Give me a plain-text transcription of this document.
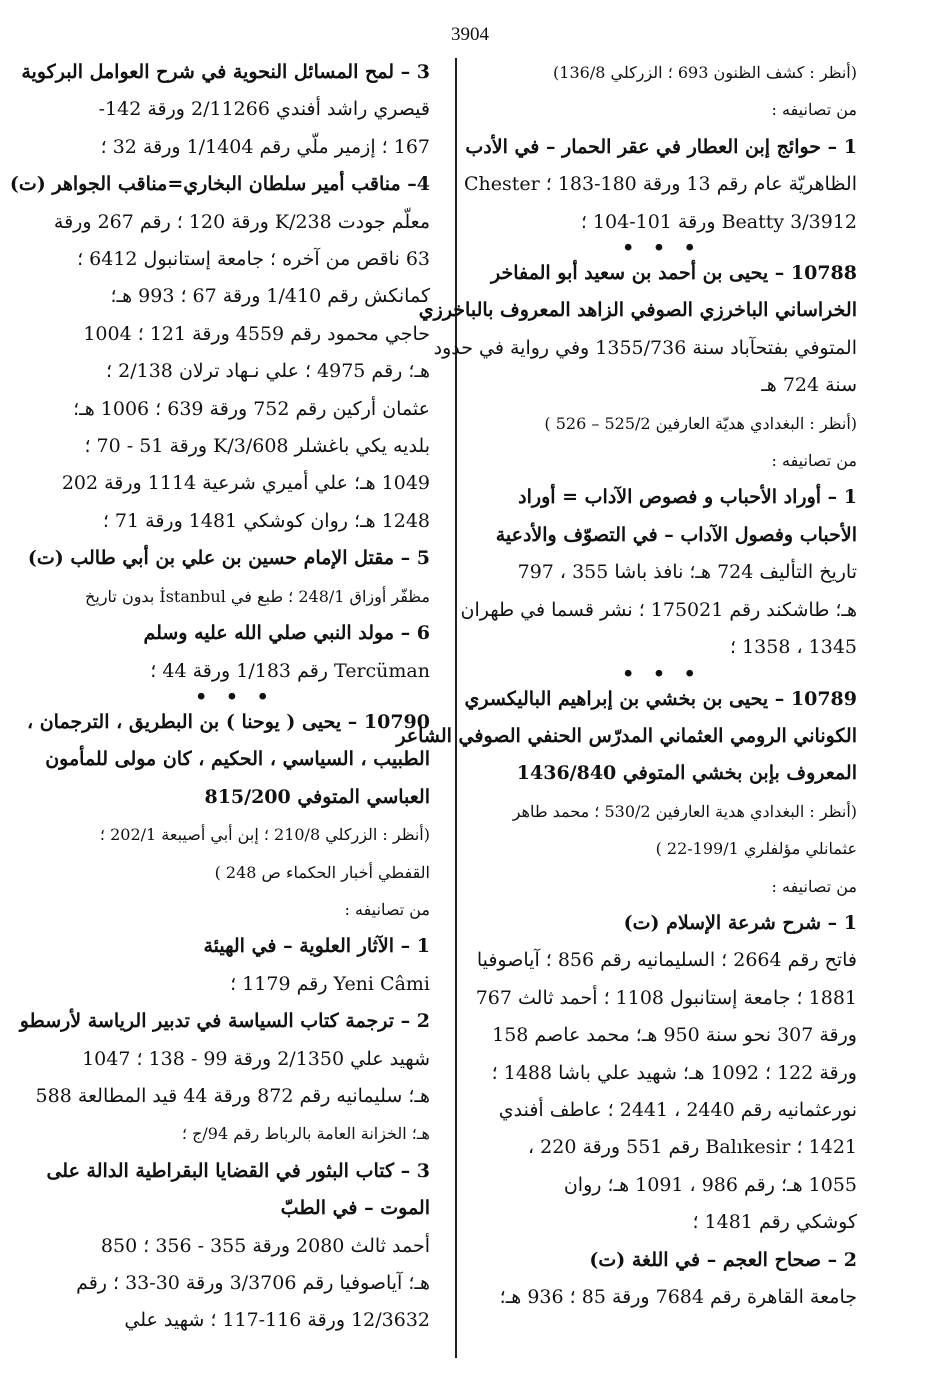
3904
(أنظر : كشف الظنون 693 ؛ الزركلي 136/8)
من تصانيفه :
1 – حوائج إبن العطار في عقر الحمار – في الأدب
الظاهريّة عام رقم 13 ورقة 180-183 ؛ Chester
Beatty 3/3912 ورقة 101-104 ؛
• • •
10788 – يحيى بن أحمد بن سعيد أبو المفاخر
الخراساني الباخرزي الصوفي الزاهد المعروف بالباخرزي
المتوفي بفتحآباد سنة 1355/736 وفي رواية في حدود
سنة 724 هـ
(أنظر : البغدادي هديّة العارفين 525/2 – 526 )
من تصانيفه :
1 – أوراد الأحباب و فصوص الآداب = أوراد
الأحباب وفصول الآداب – في التصوّف والأدعية
تاريخ التأليف 724 هـ؛ نافذ باشا 355 ، 797
هـ؛ طاشكند رقم 175021 ؛ نشر قسما في طهران
1345 ، 1358 ؛
• • •
10789 – يحيى بن بخشي بن إبراهيم الباليكسري
الكوناني الرومي العثماني المدرّس الحنفي الصوفي الشاعر
المعروف بإبن بخشي المتوفي 1436/840
(أنظر : البغدادي هدية العارفين 530/2 ؛ محمد طاهر
عثمانلي مؤلفلري 199/1-22 )
من تصانيفه :
1 – شرح شرعة الإسلام (ت)
فاتح رقم 2664 ؛ السليمانيه رقم 856 ؛ آياصوفيا
1881 ؛ جامعة إستانبول 1108 ؛ أحمد ثالث 767
ورقة 307 نحو سنة 950 هـ؛ محمد عاصم 158
ورقة 122 ؛ 1092 هـ؛ شهيد علي باشا 1488 ؛
نورعثمانيه رقم 2440 ، 2441 ؛ عاطف أفندي
1421 ؛ Balıkesir رقم 551 ورقة 220 ،
1055 هـ؛ رقم 986 ، 1091 هـ؛ روان
كوشكي رقم 1481 ؛
2 – صحاح العجم – في اللغة (ت)
جامعة القاهرة رقم 7684 ورقة 85 ؛ 936 هـ؛
3 – لمح المسائل النحوية في شرح العوامل البركوية
قيصري راشد أفندي 2/11266 ورقة 142-
167 ؛ إزمير ملّي رقم 1/1404 ورقة 32 ؛
4– مناقب أمير سلطان البخاري=مناقب الجواهر (ت)
معلّم جودت 238/K ورقة 120 ؛ رقم 267 ورقة
63 ناقص من آخره ؛ جامعة إستانبول 6412 ؛
كمانكش رقم 1/410 ورقة 67 ؛ 993 هـ؛
حاجي محمود رقم 4559 ورقة 121 ؛ 1004
هـ؛ رقم 4975 ؛ علي نـهاد ترلان 2/138 ؛
عثمان أركين رقم 752 ورقة 639 ؛ 1006 هـ؛
بلديه يكي باغشلر 3/608/K ورقة 51 - 70 ؛
1049 هـ؛ علي أميري شرعية 1114 ورقة 202
1248 هـ؛ روان كوشكي 1481 ورقة 71 ؛
5 – مقتل الإمام حسين بن علي بن أبي طالب (ت)
مظفّر أوزاق 248/1 ؛ طبع في İstanbul بدون تاريخ
6 – مولد النبي صلي الله عليه وسلم
Tercüman رقم 1/183 ورقة 44 ؛
• • •
10790 – يحيى ( يوحنا ) بن البطريق ، الترجمان ،
الطبيب ، السياسي ، الحكيم ، كان مولى للمأمون
العباسي المتوفي 815/200
(أنظر : الزركلي 210/8 ؛ إبن أبي أصيبعة 202/1 ؛
القفطي أخبار الحكماء ص 248 )
من تصانيفه :
1 – الآثار العلوية – في الهيئة
Yeni Câmi رقم 1179 ؛
2 – ترجمة كتاب السياسة في تدبير الرياسة لأرسطو
شهيد علي 2/1350 ورقة 99 - 138 ؛ 1047
هـ؛ سليمانيه رقم 872 ورقة 44 قيد المطالعة 588
هـ؛ الخزانة العامة بالرباط رقم 94/ج ؛
3 – كتاب البثور في القضايا البقراطية الدالة على
الموت – في الطبّ
أحمد ثالث 2080 ورقة 355 - 356 ؛ 850
هـ؛ آياصوفيا رقم 3/3706 ورقة 30-33 ؛ رقم
12/3632 ورقة 116-117 ؛ شهيد علي
